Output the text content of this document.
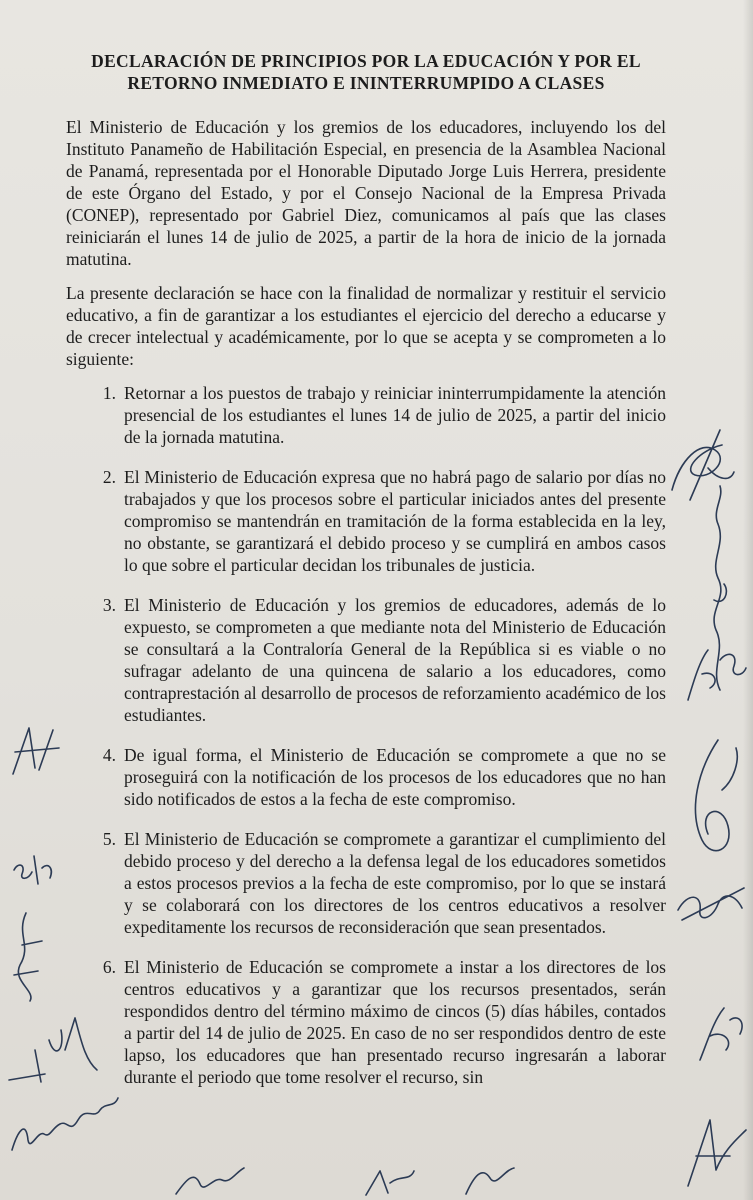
DECLARACIÓN DE PRINCIPIOS POR LA EDUCACIÓN Y POR EL
RETORNO INMEDIATO E ININTERRUMPIDO A CLASES

El Ministerio de Educación y los gremios de los educadores, incluyendo los del Instituto Panameño de Habilitación Especial, en presencia de la Asamblea Nacional de Panamá, representada por el Honorable Diputado Jorge Luis Herrera, presidente de este Órgano del Estado, y por el Consejo Nacional de la Empresa Privada (CONEP), representado por Gabriel Diez, comunicamos al país que las clases reiniciarán el lunes 14 de julio de 2025, a partir de la hora de inicio de la jornada matutina.

La presente declaración se hace con la finalidad de normalizar y restituir el servicio educativo, a fin de garantizar a los estudiantes el ejercicio del derecho a educarse y de crecer intelectual y académicamente, por lo que se acepta y se comprometen a lo siguiente:

1. Retornar a los puestos de trabajo y reiniciar ininterrumpidamente la atención presencial de los estudiantes el lunes 14 de julio de 2025, a partir del inicio de la jornada matutina.
2. El Ministerio de Educación expresa que no habrá pago de salario por días no trabajados y que los procesos sobre el particular iniciados antes del presente compromiso se mantendrán en tramitación de la forma establecida en la ley, no obstante, se garantizará el debido proceso y se cumplirá en ambos casos lo que sobre el particular decidan los tribunales de justicia.
3. El Ministerio de Educación y los gremios de educadores, además de lo expuesto, se comprometen a que mediante nota del Ministerio de Educación se consultará a la Contraloría General de la República si es viable o no sufragar adelanto de una quincena de salario a los educadores, como contraprestación al desarrollo de procesos de reforzamiento académico de los estudiantes.
4. De igual forma, el Ministerio de Educación se compromete a que no se proseguirá con la notificación de los procesos de los educadores que no han sido notificados de estos a la fecha de este compromiso.
5. El Ministerio de Educación se compromete a garantizar el cumplimiento del debido proceso y del derecho a la defensa legal de los educadores sometidos a estos procesos previos a la fecha de este compromiso, por lo que se instará y se colaborará con los directores de los centros educativos a resolver expeditamente los recursos de reconsideración que sean presentados.
6. El Ministerio de Educación se compromete a instar a los directores de los centros educativos y a garantizar que los recursos presentados, serán respondidos dentro del término máximo de cincos (5) días hábiles, contados a partir del 14 de julio de 2025. En caso de no ser respondidos dentro de este lapso, los educadores que han presentado recurso ingresarán a laborar durante el periodo que tome resolver el recurso, sin
